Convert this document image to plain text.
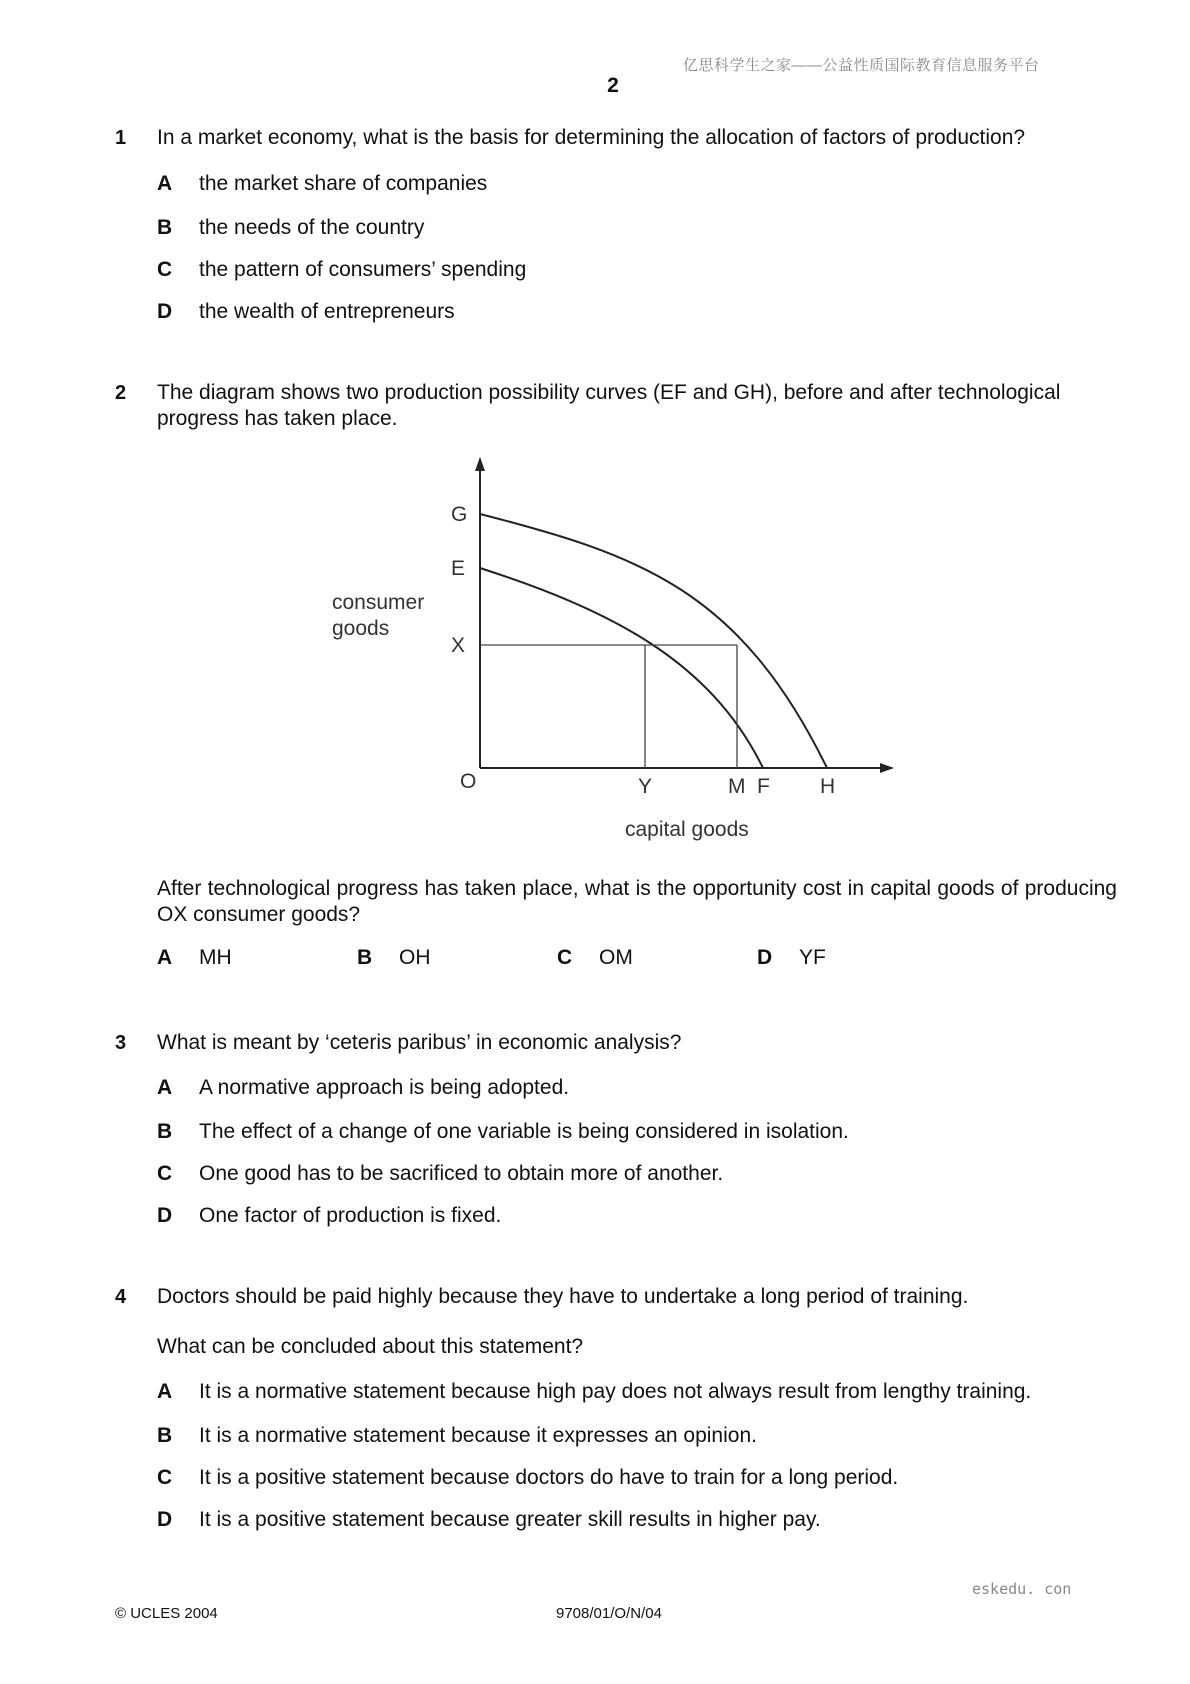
亿思科学生之家——公益性质国际教育信息服务平台
2
1 In a market economy, what is the basis for determining the allocation of factors of production?
A the market share of companies
B the needs of the country
C the pattern of consumers’ spending
D the wealth of entrepreneurs
2 The diagram shows two production possibility curves (EF and GH), before and after technological progress has taken place.
consumer
goods
G
E
X
O	Y	M F H
capital goods
After technological progress has taken place, what is the opportunity cost in capital goods of producing OX consumer goods?
A MH	B OH	C OM	D YF
3 What is meant by ‘ceteris paribus’ in economic analysis?
A A normative approach is being adopted.
B The effect of a change of one variable is being considered in isolation.
C One good has to be sacrificed to obtain more of another.
D One factor of production is fixed.
4 Doctors should be paid highly because they have to undertake a long period of training.
What can be concluded about this statement?
A It is a normative statement because high pay does not always result from lengthy training.
B It is a normative statement because it expresses an opinion.
C It is a positive statement because doctors do have to train for a long period.
D It is a positive statement because greater skill results in higher pay.
eskedu. con
© UCLES 2004	9708/01/O/N/04
